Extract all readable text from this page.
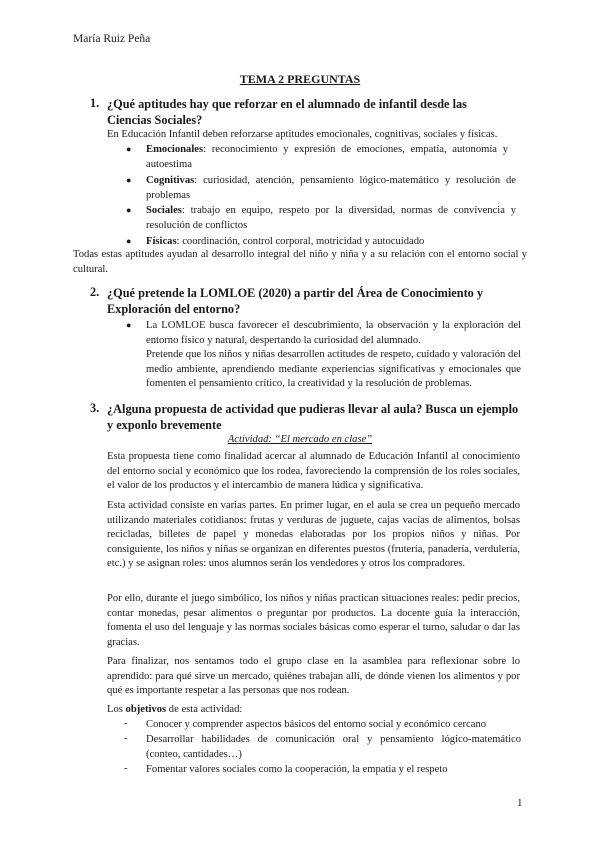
María Ruiz Peña

TEMA 2 PREGUNTAS

1. ¿Qué aptitudes hay que reforzar en el alumnado de infantil desde las Ciencias Sociales?

En Educación Infantil deben reforzarse aptitudes emocionales, cognitivas, sociales y físicas.

● Emocionales: reconocimiento y expresión de emociones, empatía, autonomía y autoestima

● Cognitivas: curiosidad, atención, pensamiento lógico-matemático y resolución de problemas

● Sociales: trabajo en equipo, respeto por la diversidad, normas de convivencia y resolución de conflictos

● Físicas: coordinación, control corporal, motricidad y autocuidado

Todas estas aptitudes ayudan al desarrollo integral del niño y niña y a su relación con el entorno social y cultural.

2. ¿Qué pretende la LOMLOE (2020) a partir del Área de Conocimiento y Exploración del entorno?

● La LOMLOE busca favorecer el descubrimiento, la observación y la exploración del entorno físico y natural, despertando la curiosidad del alumnado.

Pretende que los niños y niñas desarrollen actitudes de respeto, cuidado y valoración del medio ambiente, aprendiendo mediante experiencias significativas y emocionales que fomenten el pensamiento crítico, la creatividad y la resolución de problemas.

3. ¿Alguna propuesta de actividad que pudieras llevar al aula? Busca un ejemplo y exponlo brevemente

Actividad: “El mercado en clase”

Esta propuesta tiene como finalidad acercar al alumnado de Educación Infantil al conocimiento del entorno social y económico que los rodea, favoreciendo la comprensión de los roles sociales, el valor de los productos y el intercambio de manera lúdica y significativa.

Esta actividad consiste en varias partes. En primer lugar, en el aula se crea un pequeño mercado utilizando materiales cotidianos: frutas y verduras de juguete, cajas vacías de alimentos, bolsas recicladas, billetes de papel y monedas elaboradas por los propios niños y niñas. Por consiguiente, los niños y niñas se organizan en diferentes puestos (frutería, panadería, verdulería, etc.) y se asignan roles: unos alumnos serán los vendedores y otros los compradores.

Por ello, durante el juego simbólico, los niños y niñas practican situaciones reales: pedir precios, contar monedas, pesar alimentos o preguntar por productos. La docente guía la interacción, fomenta el uso del lenguaje y las normas sociales básicas como esperar el turno, saludar o dar las gracias.

Para finalizar, nos sentamos todo el grupo clase en la asamblea para reflexionar sobre lo aprendido: para qué sirve un mercado, quiénes trabajan allí, de dónde vienen los alimentos y por qué es importante respetar a las personas que nos rodean.

Los objetivos de esta actividad:

- Conocer y comprender aspectos básicos del entorno social y económico cercano

- Desarrollar habilidades de comunicación oral y pensamiento lógico-matemático (conteo, cantidades…)

- Fomentar valores sociales como la cooperación, la empatía y el respeto

1
